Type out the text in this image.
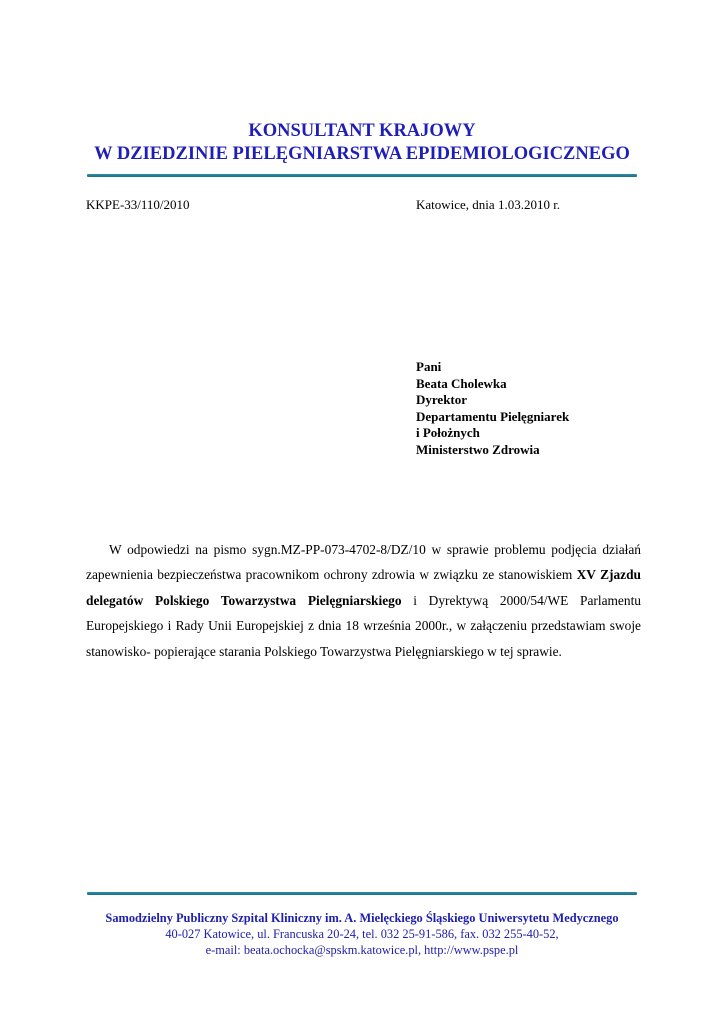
KONSULTANT KRAJOWY
W DZIEDZINIE PIELĘGNIARSTWA EPIDEMIOLOGICZNEGO
KKPE-33/110/2010	Katowice, dnia 1.03.2010 r.
Pani
Beata Cholewka
Dyrektor
Departamentu Pielęgniarek
i Położnych
Ministerstwo Zdrowia

W odpowiedzi na pismo sygn.MZ-PP-073-4702-8/DZ/10 w sprawie problemu podjęcia działań zapewnienia bezpieczeństwa pracownikom ochrony zdrowia w związku ze stanowiskiem XV Zjazdu delegatów Polskiego Towarzystwa Pielęgniarskiego i Dyrektywą 2000/54/WE Parlamentu Europejskiego i Rady Unii Europejskiej z dnia 18 września 2000r., w załączeniu przedstawiam swoje stanowisko- popierające starania Polskiego Towarzystwa Pielęgniarskiego w tej sprawie.

Samodzielny Publiczny Szpital Kliniczny im. A. Mielęckiego Śląskiego Uniwersytetu Medycznego

40-027 Katowice, ul. Francuska 20-24, tel. 032 25-91-586, fax. 032 255-40-52,

e-mail: beata.ochocka@spskm.katowice.pl, http://www.pspe.pl
